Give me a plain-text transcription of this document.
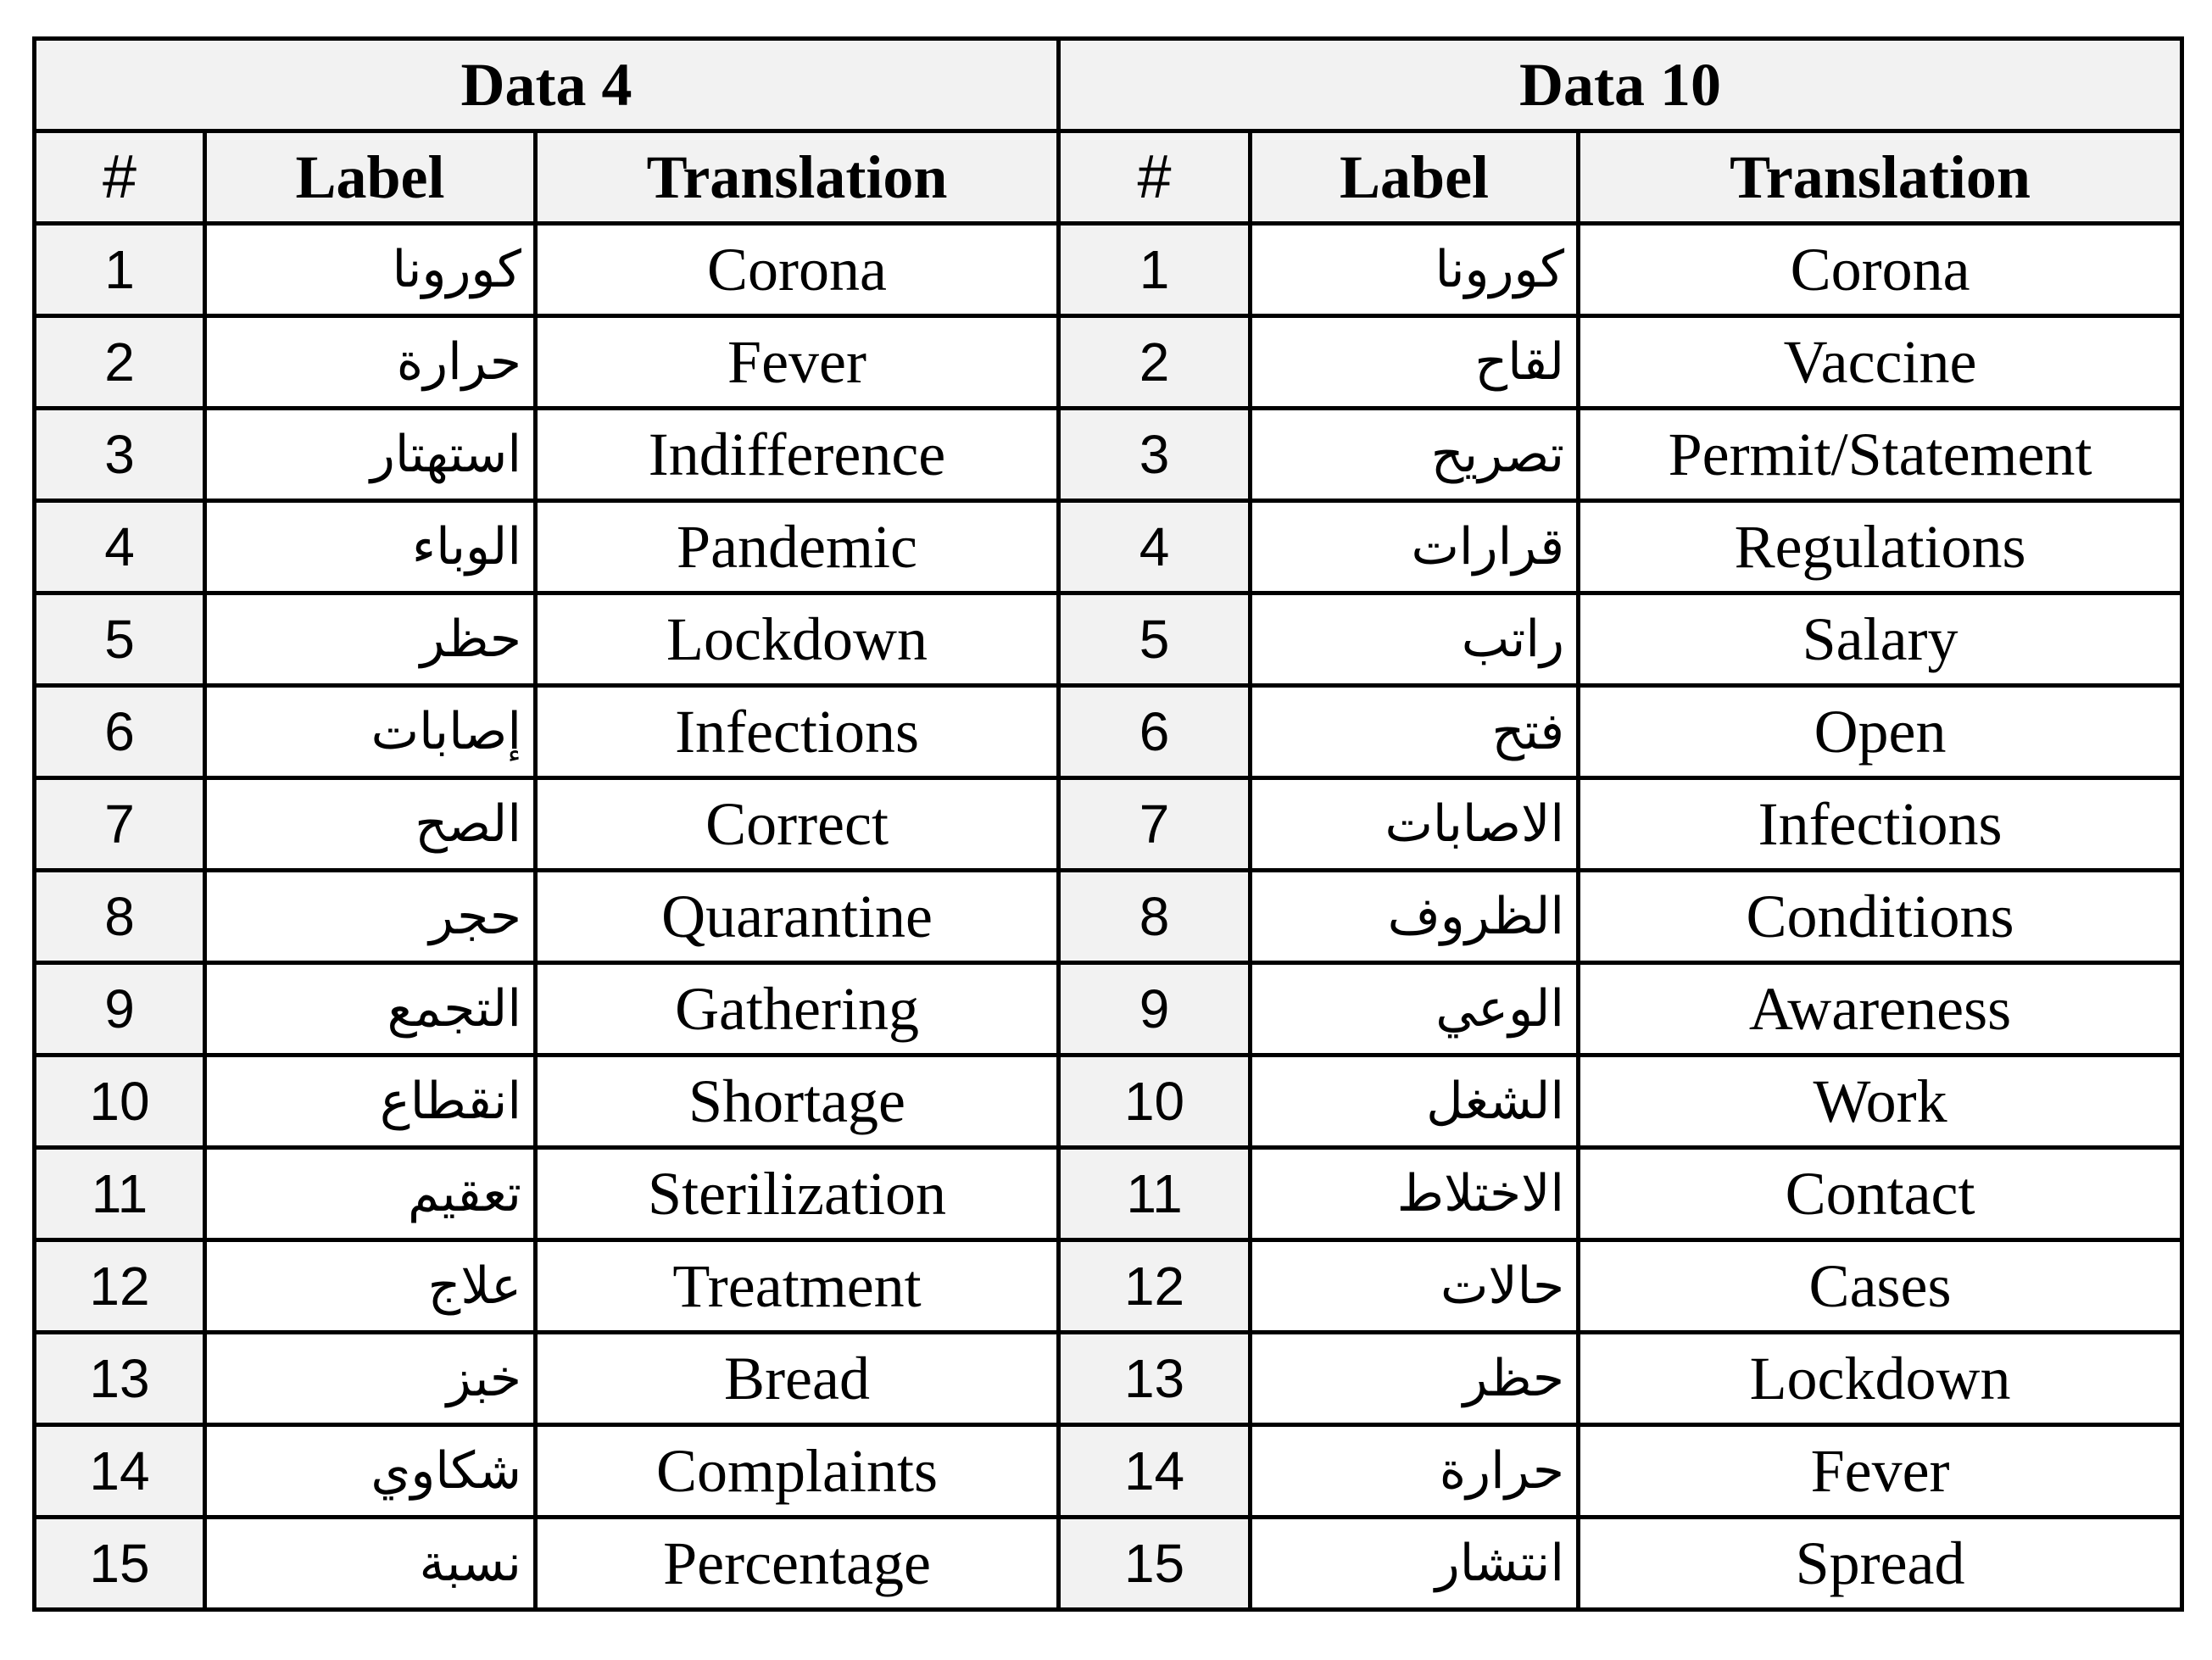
Data 4			Data 10		
#	Label	Translation	#	Label	Translation
1	كورونا	Corona	1	كورونا	Corona
2	حرارة	Fever	2	لقاح	Vaccine
3	استهتار	Indifference	3	تصريح	Permit/Statement
4	الوباء	Pandemic	4	قرارات	Regulations
5	حظر	Lockdown	5	راتب	Salary
6	إصابات	Infections	6	فتح	Open
7	الصح	Correct	7	الاصابات	Infections
8	حجر	Quarantine	8	الظروف	Conditions
9	التجمع	Gathering	9	الوعي	Awareness
10	انقطاع	Shortage	10	الشغل	Work
11	تعقيم	Sterilization	11	الاختلاط	Contact
12	علاج	Treatment	12	حالات	Cases
13	خبز	Bread	13	حظر	Lockdown
14	شكاوي	Complaints	14	حرارة	Fever
15	نسبة	Percentage	15	انتشار	Spread
